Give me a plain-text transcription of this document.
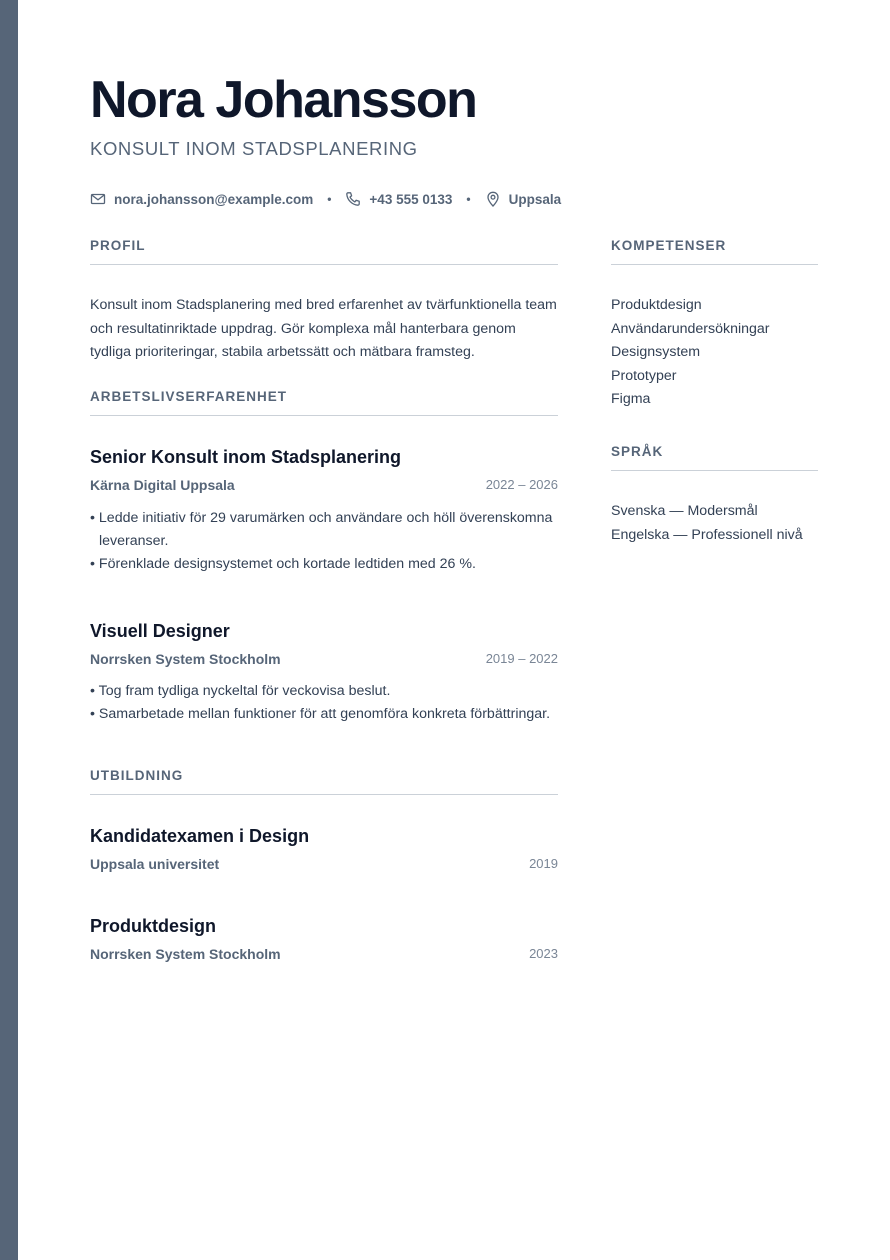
Nora Johansson
KONSULT INOM STADSPLANERING
nora.johansson@example.com •	+43 555 0133 •	Uppsala
PROFIL

Konsult inom Stadsplanering med bred erfarenhet av tvärfunktionella team och resultatinriktade uppdrag. Gör komplexa mål hanterbara genom tydliga prioriteringar, stabila arbetssätt och mätbara framsteg.

ARBETSLIVSERFARENHET
Senior Konsult inom Stadsplanering
Kärna Digital Uppsala	2022 – 2026
• Ledde initiativ för 29 varumärken och användare och höll överenskomna leveranser.
• Förenklade designsystemet och kortade ledtiden med 26 %.
Visuell Designer
Norrsken System Stockholm	2019 – 2022
• Tog fram tydliga nyckeltal för veckovisa beslut.
• Samarbetade mellan funktioner för att genomföra konkreta förbättringar.
UTBILDNING
Kandidatexamen i Design
Uppsala universitet	2019
Produktdesign
Norrsken System Stockholm	2023
KOMPETENSER
Produktdesign
Användarundersökningar
Designsystem
Prototyper
Figma
SPRÅK
Svenska — Modersmål
Engelska — Professionell nivå
